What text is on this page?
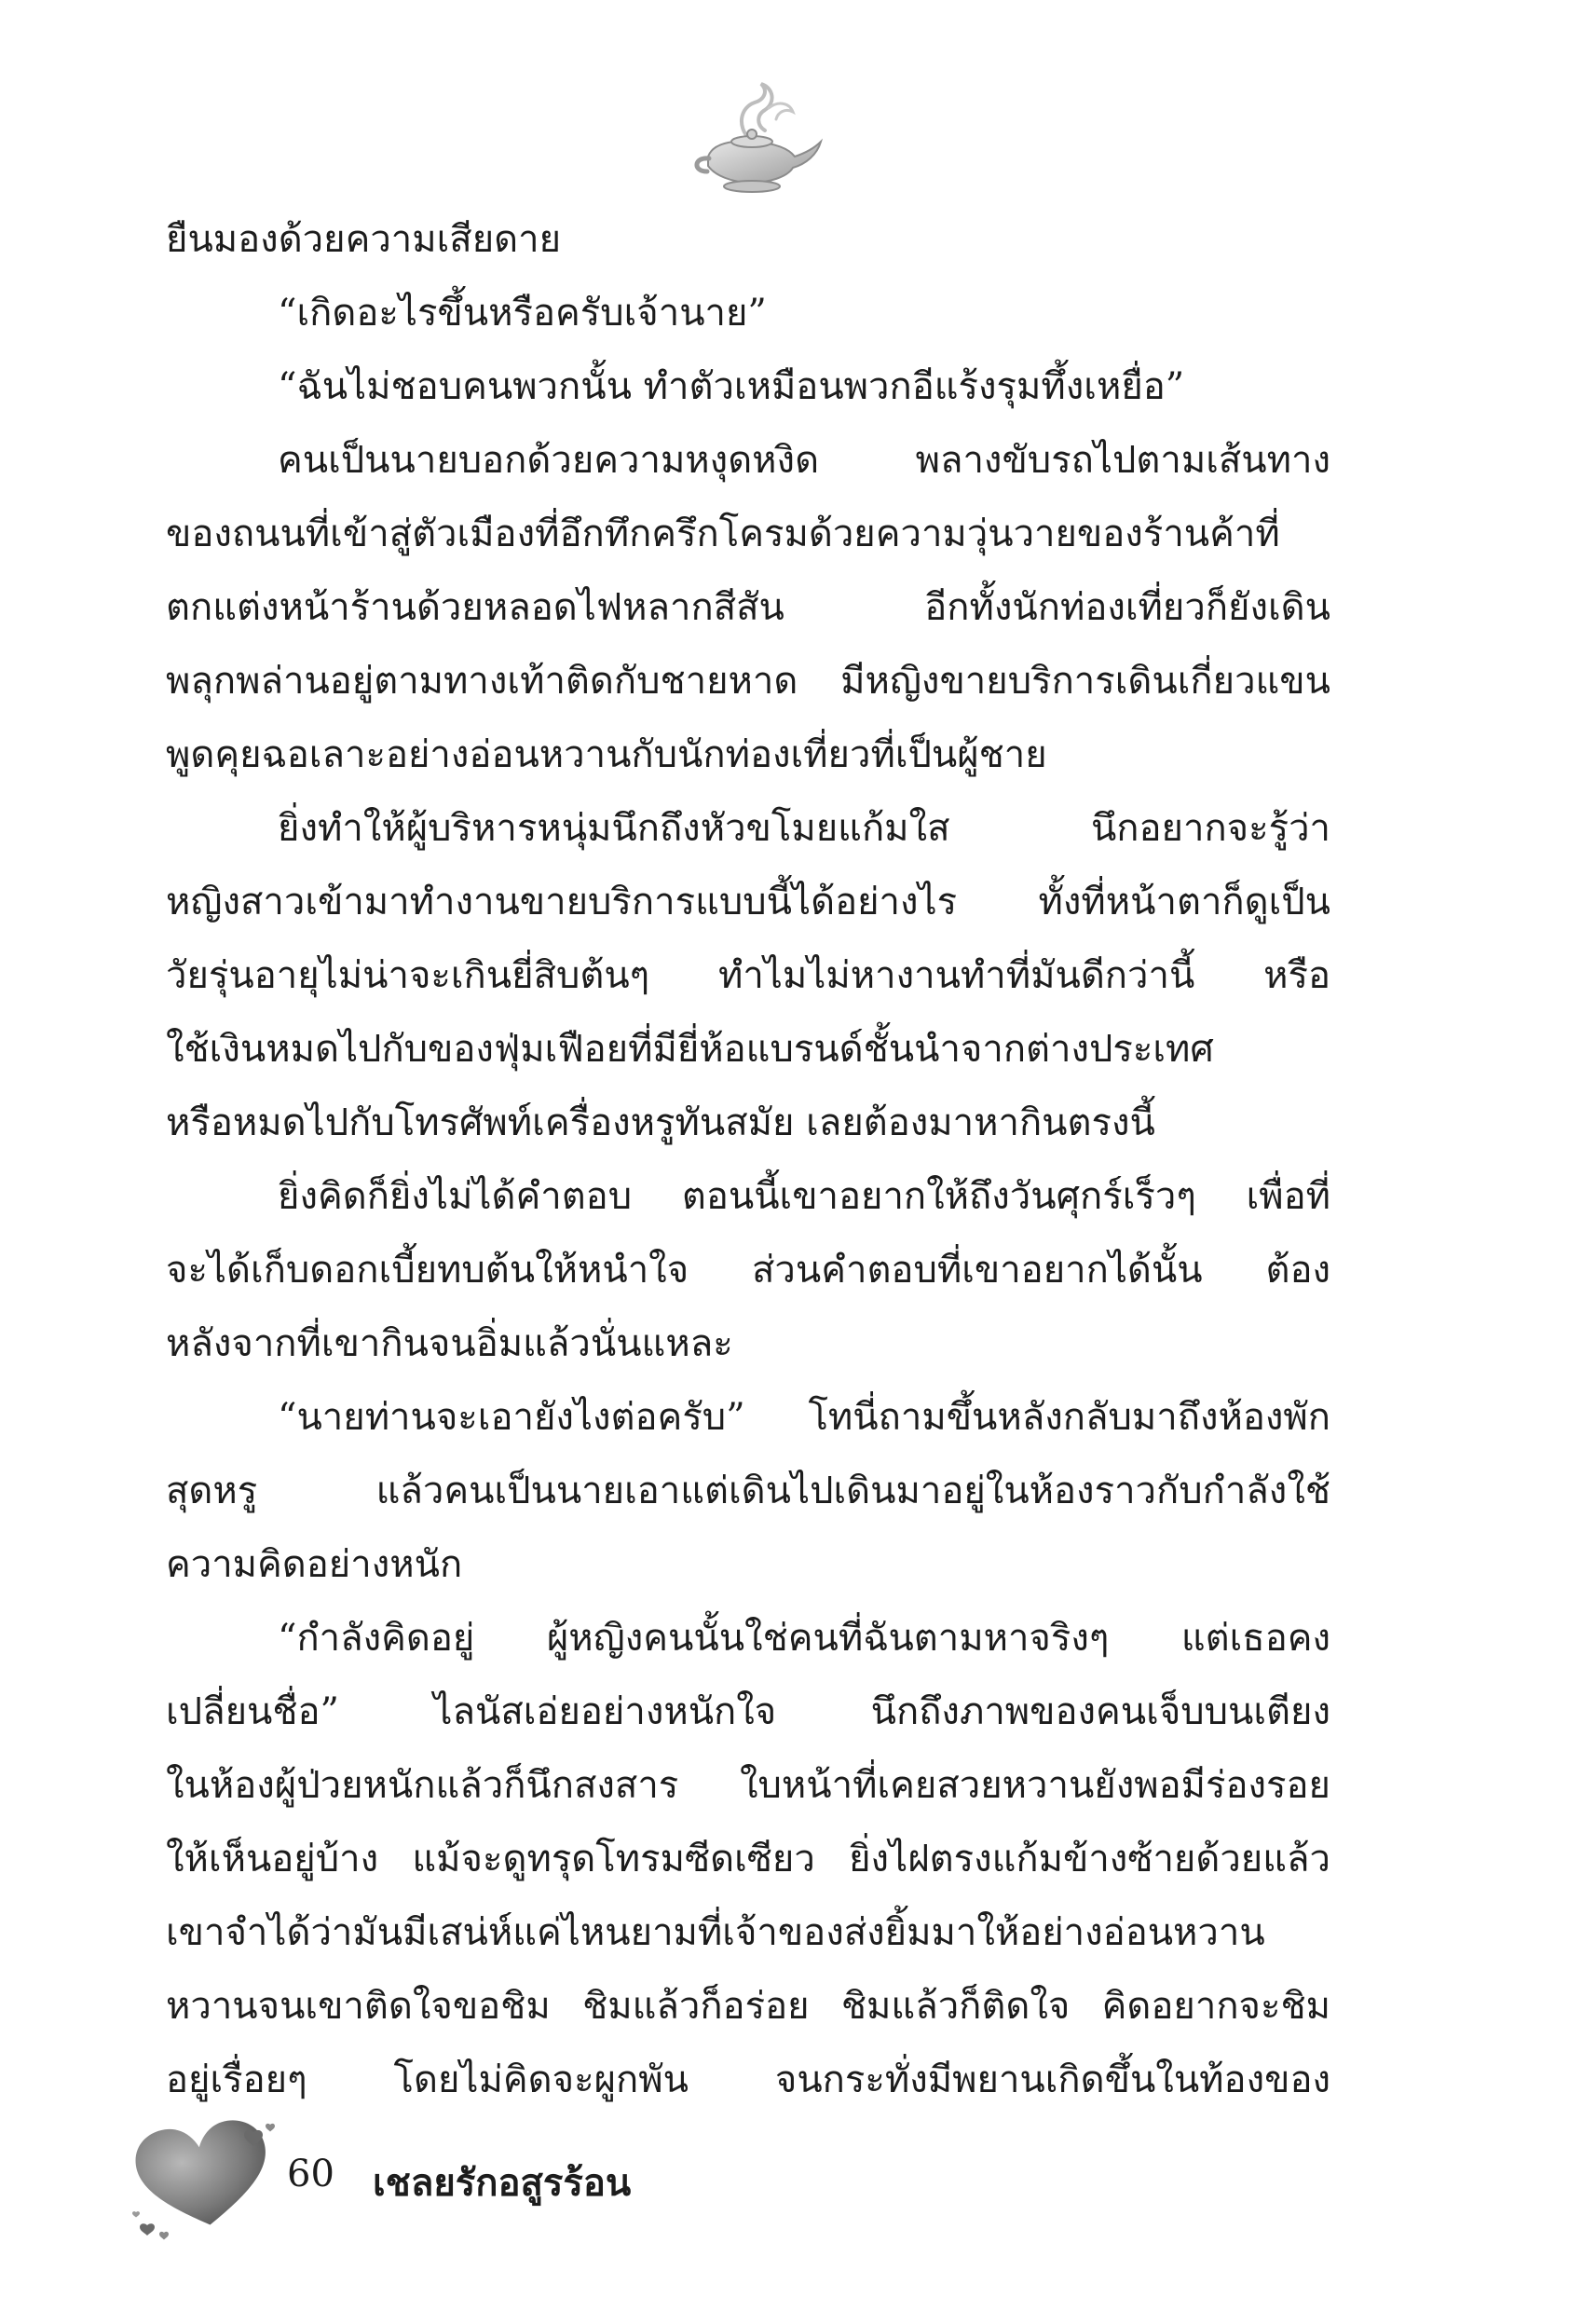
ยืนมองด้วยความเสียดาย
“เกิดอะไรขึ้นหรือครับเจ้านาย”
“ฉันไม่ชอบคนพวกนั้น ทำตัวเหมือนพวกอีแร้งรุมทึ้งเหยื่อ”
คนเป็นนายบอกด้วยความหงุดหงิด พลางขับรถไปตามเส้นทาง
ของถนนที่เข้าสู่ตัวเมืองที่อึกทึกครึกโครมด้วยความวุ่นวายของร้านค้าที่
ตกแต่งหน้าร้านด้วยหลอดไฟหลากสีสัน อีกทั้งนักท่องเที่ยวก็ยังเดิน
พลุกพล่านอยู่ตามทางเท้าติดกับชายหาด มีหญิงขายบริการเดินเกี่ยวแขน
พูดคุยฉอเลาะอย่างอ่อนหวานกับนักท่องเที่ยวที่เป็นผู้ชาย
ยิ่งทำให้ผู้บริหารหนุ่มนึกถึงหัวขโมยแก้มใส นึกอยากจะรู้ว่า
หญิงสาวเข้ามาทำงานขายบริการแบบนี้ได้อย่างไร ทั้งที่หน้าตาก็ดูเป็น
วัยรุ่นอายุไม่น่าจะเกินยี่สิบต้นๆ ทำไมไม่หางานทำที่มันดีกว่านี้ หรือ
ใช้เงินหมดไปกับของฟุ่มเฟือยที่มียี่ห้อแบรนด์ชั้นนำจากต่างประเทศ
หรือหมดไปกับโทรศัพท์เครื่องหรูทันสมัย เลยต้องมาหากินตรงนี้
ยิ่งคิดก็ยิ่งไม่ได้คำตอบ ตอนนี้เขาอยากให้ถึงวันศุกร์เร็วๆ เพื่อที่
จะได้เก็บดอกเบี้ยทบต้นให้หนำใจ ส่วนคำตอบที่เขาอยากได้นั้น ต้อง
หลังจากที่เขากินจนอิ่มแล้วนั่นแหละ
“นายท่านจะเอายังไงต่อครับ” โทนี่ถามขึ้นหลังกลับมาถึงห้องพัก
สุดหรู แล้วคนเป็นนายเอาแต่เดินไปเดินมาอยู่ในห้องราวกับกำลังใช้
ความคิดอย่างหนัก
“กำลังคิดอยู่ ผู้หญิงคนนั้นใช่คนที่ฉันตามหาจริงๆ แต่เธอคง
เปลี่ยนชื่อ” ไลนัสเอ่ยอย่างหนักใจ นึกถึงภาพของคนเจ็บบนเตียง
ในห้องผู้ป่วยหนักแล้วก็นึกสงสาร ใบหน้าที่เคยสวยหวานยังพอมีร่องรอย
ให้เห็นอยู่บ้าง แม้จะดูทรุดโทรมซีดเซียว ยิ่งไฝตรงแก้มข้างซ้ายด้วยแล้ว
เขาจำได้ว่ามันมีเสน่ห์แค่ไหนยามที่เจ้าของส่งยิ้มมาให้อย่างอ่อนหวาน
หวานจนเขาติดใจขอชิม ชิมแล้วก็อร่อย ชิมแล้วก็ติดใจ คิดอยากจะชิม
อยู่เรื่อยๆ โดยไม่คิดจะผูกพัน จนกระทั่งมีพยานเกิดขึ้นในท้องของ
60 เชลยรักอสูรร้อน
